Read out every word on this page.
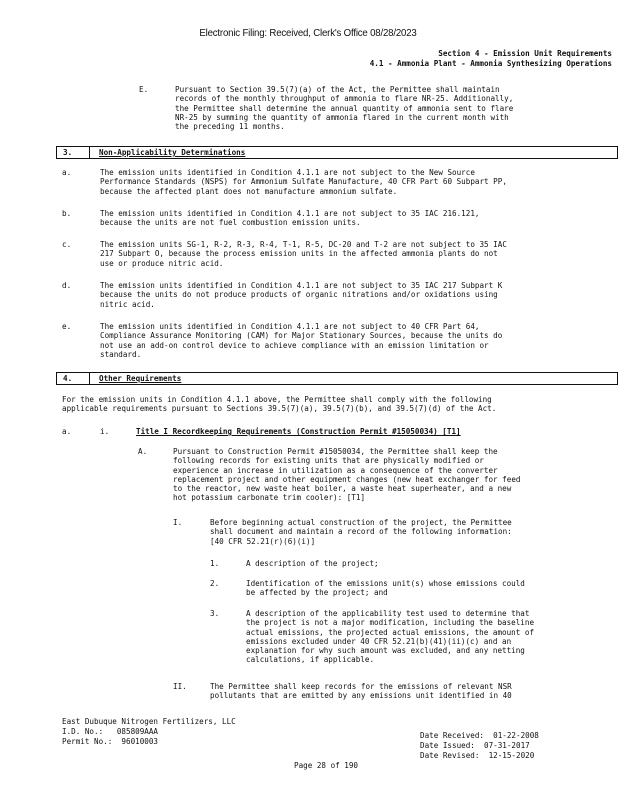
Electronic Filing: Received, Clerk's Office 08/28/2023
Section 4 - Emission Unit Requirements
4.1 - Ammonia Plant - Ammonia Synthesizing Operations
E.	Pursuant to Section 39.5(7)(a) of the Act, the Permittee shall maintain
records of the monthly throughput of ammonia to flare NR-25. Additionally,
the Permittee shall determine the annual quantity of ammonia sent to flare
NR-25 by summing the quantity of ammonia flared in the current month with
the preceding 11 months.
3.	Non-Applicability Determinations
a.	The emission units identified in Condition 4.1.1 are not subject to the New Source
Performance Standards (NSPS) for Ammonium Sulfate Manufacture, 40 CFR Part 60 Subpart PP,
because the affected plant does not manufacture ammonium sulfate.
b.	The emission units identified in Condition 4.1.1 are not subject to 35 IAC 216.121,
because the units are not fuel combustion emission units.
c.	The emission units SG-1, R-2, R-3, R-4, T-1, R-5, DC-20 and T-2 are not subject to 35 IAC
217 Subpart O, because the process emission units in the affected ammonia plants do not
use or produce nitric acid.
d.	The emission units identified in Condition 4.1.1 are not subject to 35 IAC 217 Subpart K
because the units do not produce products of organic nitrations and/or oxidations using
nitric acid.
e.	The emission units identified in Condition 4.1.1 are not subject to 40 CFR Part 64,
Compliance Assurance Monitoring (CAM) for Major Stationary Sources, because the units do
not use an add-on control device to achieve compliance with an emission limitation or
standard.
4.	Other Requirements
For the emission units in Condition 4.1.1 above, the Permittee shall comply with the following
applicable requirements pursuant to Sections 39.5(7)(a), 39.5(7)(b), and 39.5(7)(d) of the Act.
a.	i.	Title I Recordkeeping Requirements (Construction Permit #15050034) [T1]
A.	Pursuant to Construction Permit #15050034, the Permittee shall keep the
following records for existing units that are physically modified or
experience an increase in utilization as a consequence of the converter
replacement project and other equipment changes (new heat exchanger for feed
to the reactor, new waste heat boiler, a waste heat superheater, and a new
hot potassium carbonate trim cooler): [T1]
I.	Before beginning actual construction of the project, the Permittee
shall document and maintain a record of the following information:
[40 CFR 52.21(r)(6)(i)]
1.	A description of the project;
2.	Identification of the emissions unit(s) whose emissions could
be affected by the project; and
3.	A description of the applicability test used to determine that
the project is not a major modification, including the baseline
actual emissions, the projected actual emissions, the amount of
emissions excluded under 40 CFR 52.21(b)(41)(ii)(c) and an
explanation for why such amount was excluded, and any netting
calculations, if applicable.
II.	The Permittee shall keep records for the emissions of relevant NSR
pollutants that are emitted by any emissions unit identified in 40
East Dubuque Nitrogen Fertilizers, LLC
I.D. No.:   085809AAA
Permit No.:  96010003
Date Received:  01-22-2008
Date Issued:  07-31-2017
Date Revised:  12-15-2020
Page 28 of 190
